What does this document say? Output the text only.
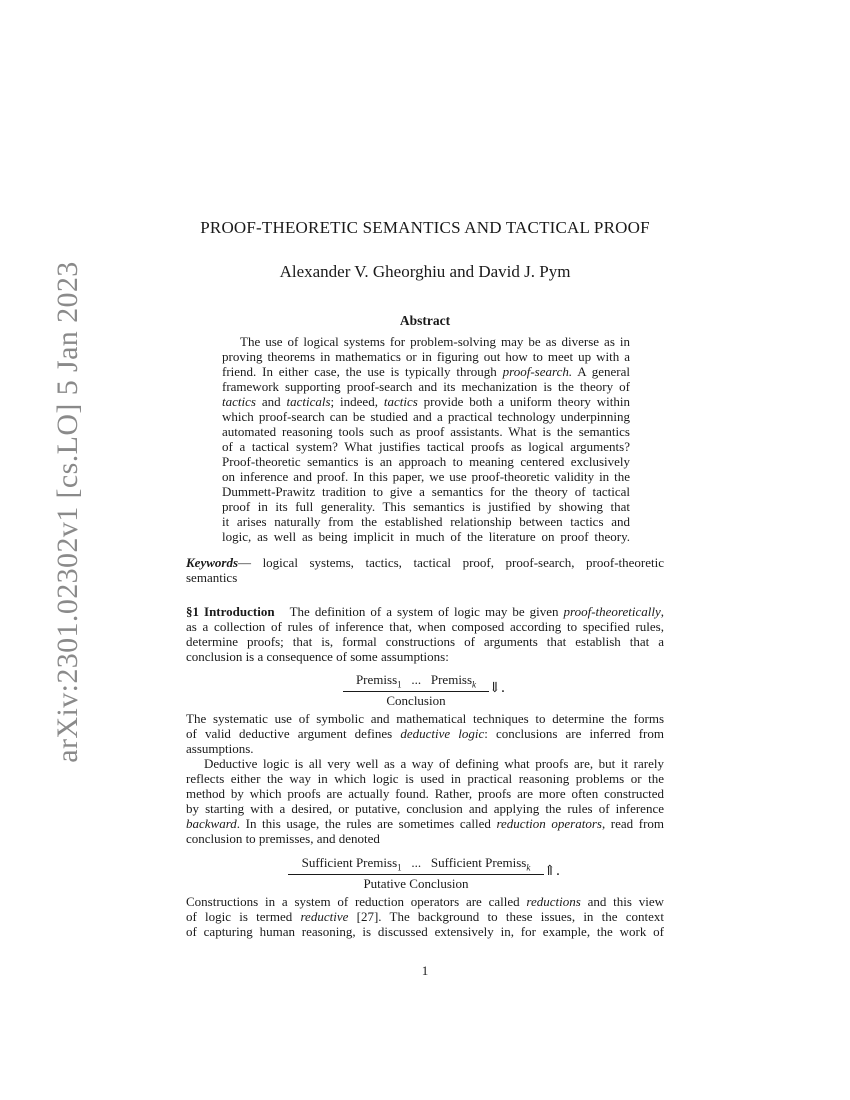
arXiv:2301.02302v1 [cs.LO] 5 Jan 2023
PROOF-THEORETIC SEMANTICS AND TACTICAL PROOF
Alexander V. Gheorghiu and David J. Pym
Abstract
The use of logical systems for problem-solving may be as diverse as in
proving theorems in mathematics or in figuring out how to meet up with a
friend. In either case, the use is typically through proof-search. A general
framework supporting proof-search and its mechanization is the theory of
tactics and tacticals; indeed, tactics provide both a uniform theory within
which proof-search can be studied and a practical technology underpinning
automated reasoning tools such as proof assistants. What is the semantics
of a tactical system? What justifies tactical proofs as logical arguments?
Proof-theoretic semantics is an approach to meaning centered exclusively
on inference and proof. In this paper, we use proof-theoretic validity in the
Dummett-Prawitz tradition to give a semantics for the theory of tactical
proof in its full generality. This semantics is justified by showing that
it arises naturally from the established relationship between tactics and
logic, as well as being implicit in much of the literature on proof theory.
Keywords— logical systems, tactics, tactical proof, proof-search, proof-theoretic
semantics
§1 Introduction The definition of a system of logic may be given proof-theoretically,
as a collection of rules of inference that, when composed according to specified rules,
determine proofs; that is, formal constructions of arguments that establish that a
conclusion is a consequence of some assumptions:
Premiss$_1$ ... Premiss$_k$
Conclusion
⇓.
The systematic use of symbolic and mathematical techniques to determine the forms
of valid deductive argument defines deductive logic: conclusions are inferred from
assumptions.
Deductive logic is all very well as a way of defining what proofs are, but it rarely
reflects either the way in which logic is used in practical reasoning problems or the
method by which proofs are actually found. Rather, proofs are more often constructed
by starting with a desired, or putative, conclusion and applying the rules of inference
backward. In this usage, the rules are sometimes called reduction operators, read from
conclusion to premisses, and denoted
Sufficient Premiss$_1$ ... Sufficient Premiss$_k$
Putative Conclusion
⇑.
Constructions in a system of reduction operators are called reductions and this view
of logic is termed reductive [27]. The background to these issues, in the context
of capturing human reasoning, is discussed extensively in, for example, the work of
1
